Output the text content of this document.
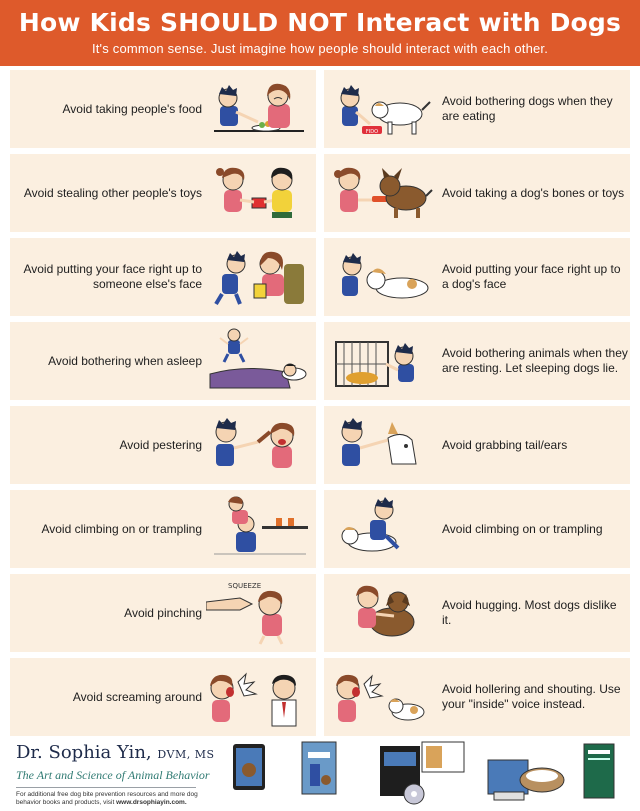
How Kids SHOULD NOT Interact with Dogs
It's common sense. Just imagine how people should interact with each other.
Avoid taking people's food
FIDO
Avoid bothering dogs when they are eating
Avoid stealing other people's toys	Avoid taking a dog's bones or toys
Avoid putting your face right up to someone else's face
Avoid putting your face right up to a dog's face
Avoid bothering when asleep
Avoid bothering animals when they are resting. Let sleeping dogs lie.
Avoid pestering	Avoid grabbing tail/ears
Avoid climbing on or trampling	Avoid climbing on or trampling
Avoid pinching
SQUEEZE
Avoid hugging. Most dogs dislike it.
Avoid screaming around
Avoid hollering and shouting. Use your "inside" voice instead.
Dr. Sophia Yin, DVM, MS
The Art and Science of Animal Behavior
For additional free dog bite prevention resources and more dog behavior books and products, visit www.drsophiayin.com.
